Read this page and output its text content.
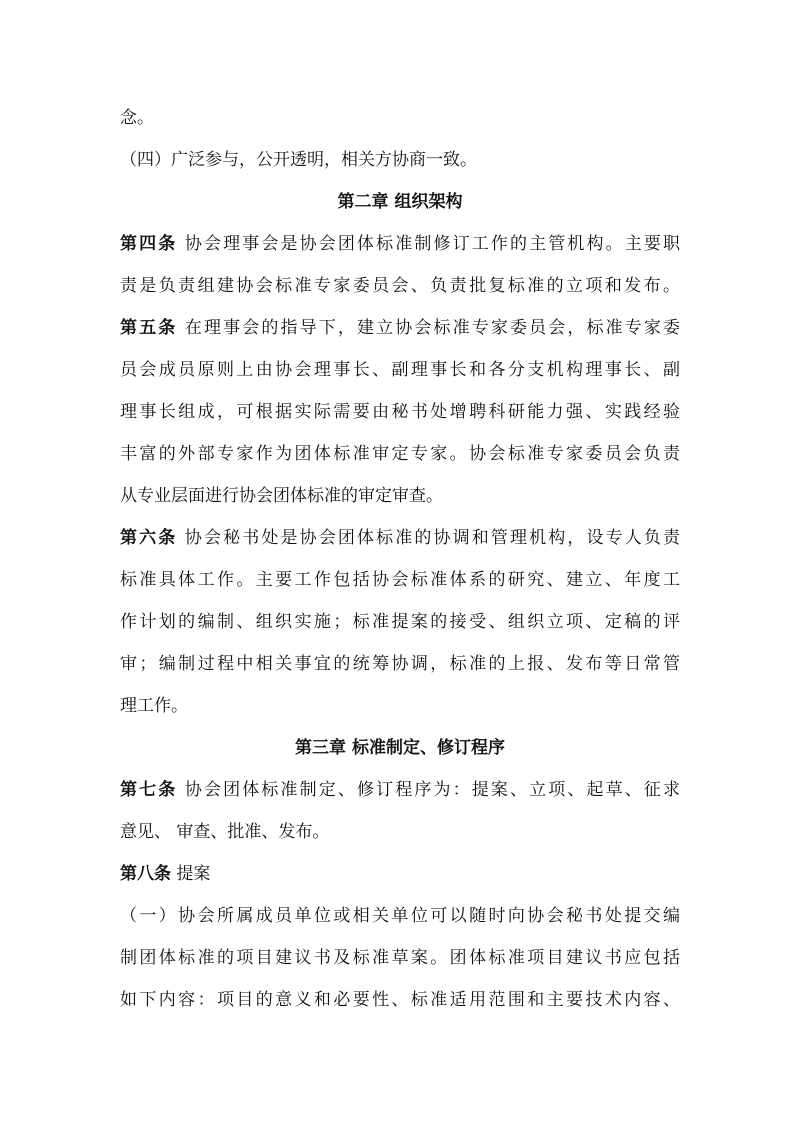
念。
（四）广泛参与，公开透明，相关方协商一致。
第二章 组织架构
第四条 协会理事会是协会团体标准制修订工作的主管机构。主要职
责是负责组建协会标准专家委员会、负责批复标准的立项和发布。
第五条 在理事会的指导下，建立协会标准专家委员会，标准专家委
员会成员原则上由协会理事长、副理事长和各分支机构理事长、副
理事长组成，可根据实际需要由秘书处增聘科研能力强、实践经验
丰富的外部专家作为团体标准审定专家。协会标准专家委员会负责
从专业层面进行协会团体标准的审定审查。
第六条 协会秘书处是协会团体标准的协调和管理机构，设专人负责
标准具体工作。主要工作包括协会标准体系的研究、建立、年度工
作计划的编制、组织实施；标准提案的接受、组织立项、定稿的评
审；编制过程中相关事宜的统筹协调，标准的上报、发布等日常管
理工作。
第三章 标准制定、修订程序
第七条 协会团体标准制定、修订程序为：提案、立项、起草、征求
意见、 审查、批准、发布。
第八条 提案
（一）协会所属成员单位或相关单位可以随时向协会秘书处提交编
制团体标准的项目建议书及标准草案。团体标准项目建议书应包括
如下内容：项目的意义和必要性、标准适用范围和主要技术内容、
